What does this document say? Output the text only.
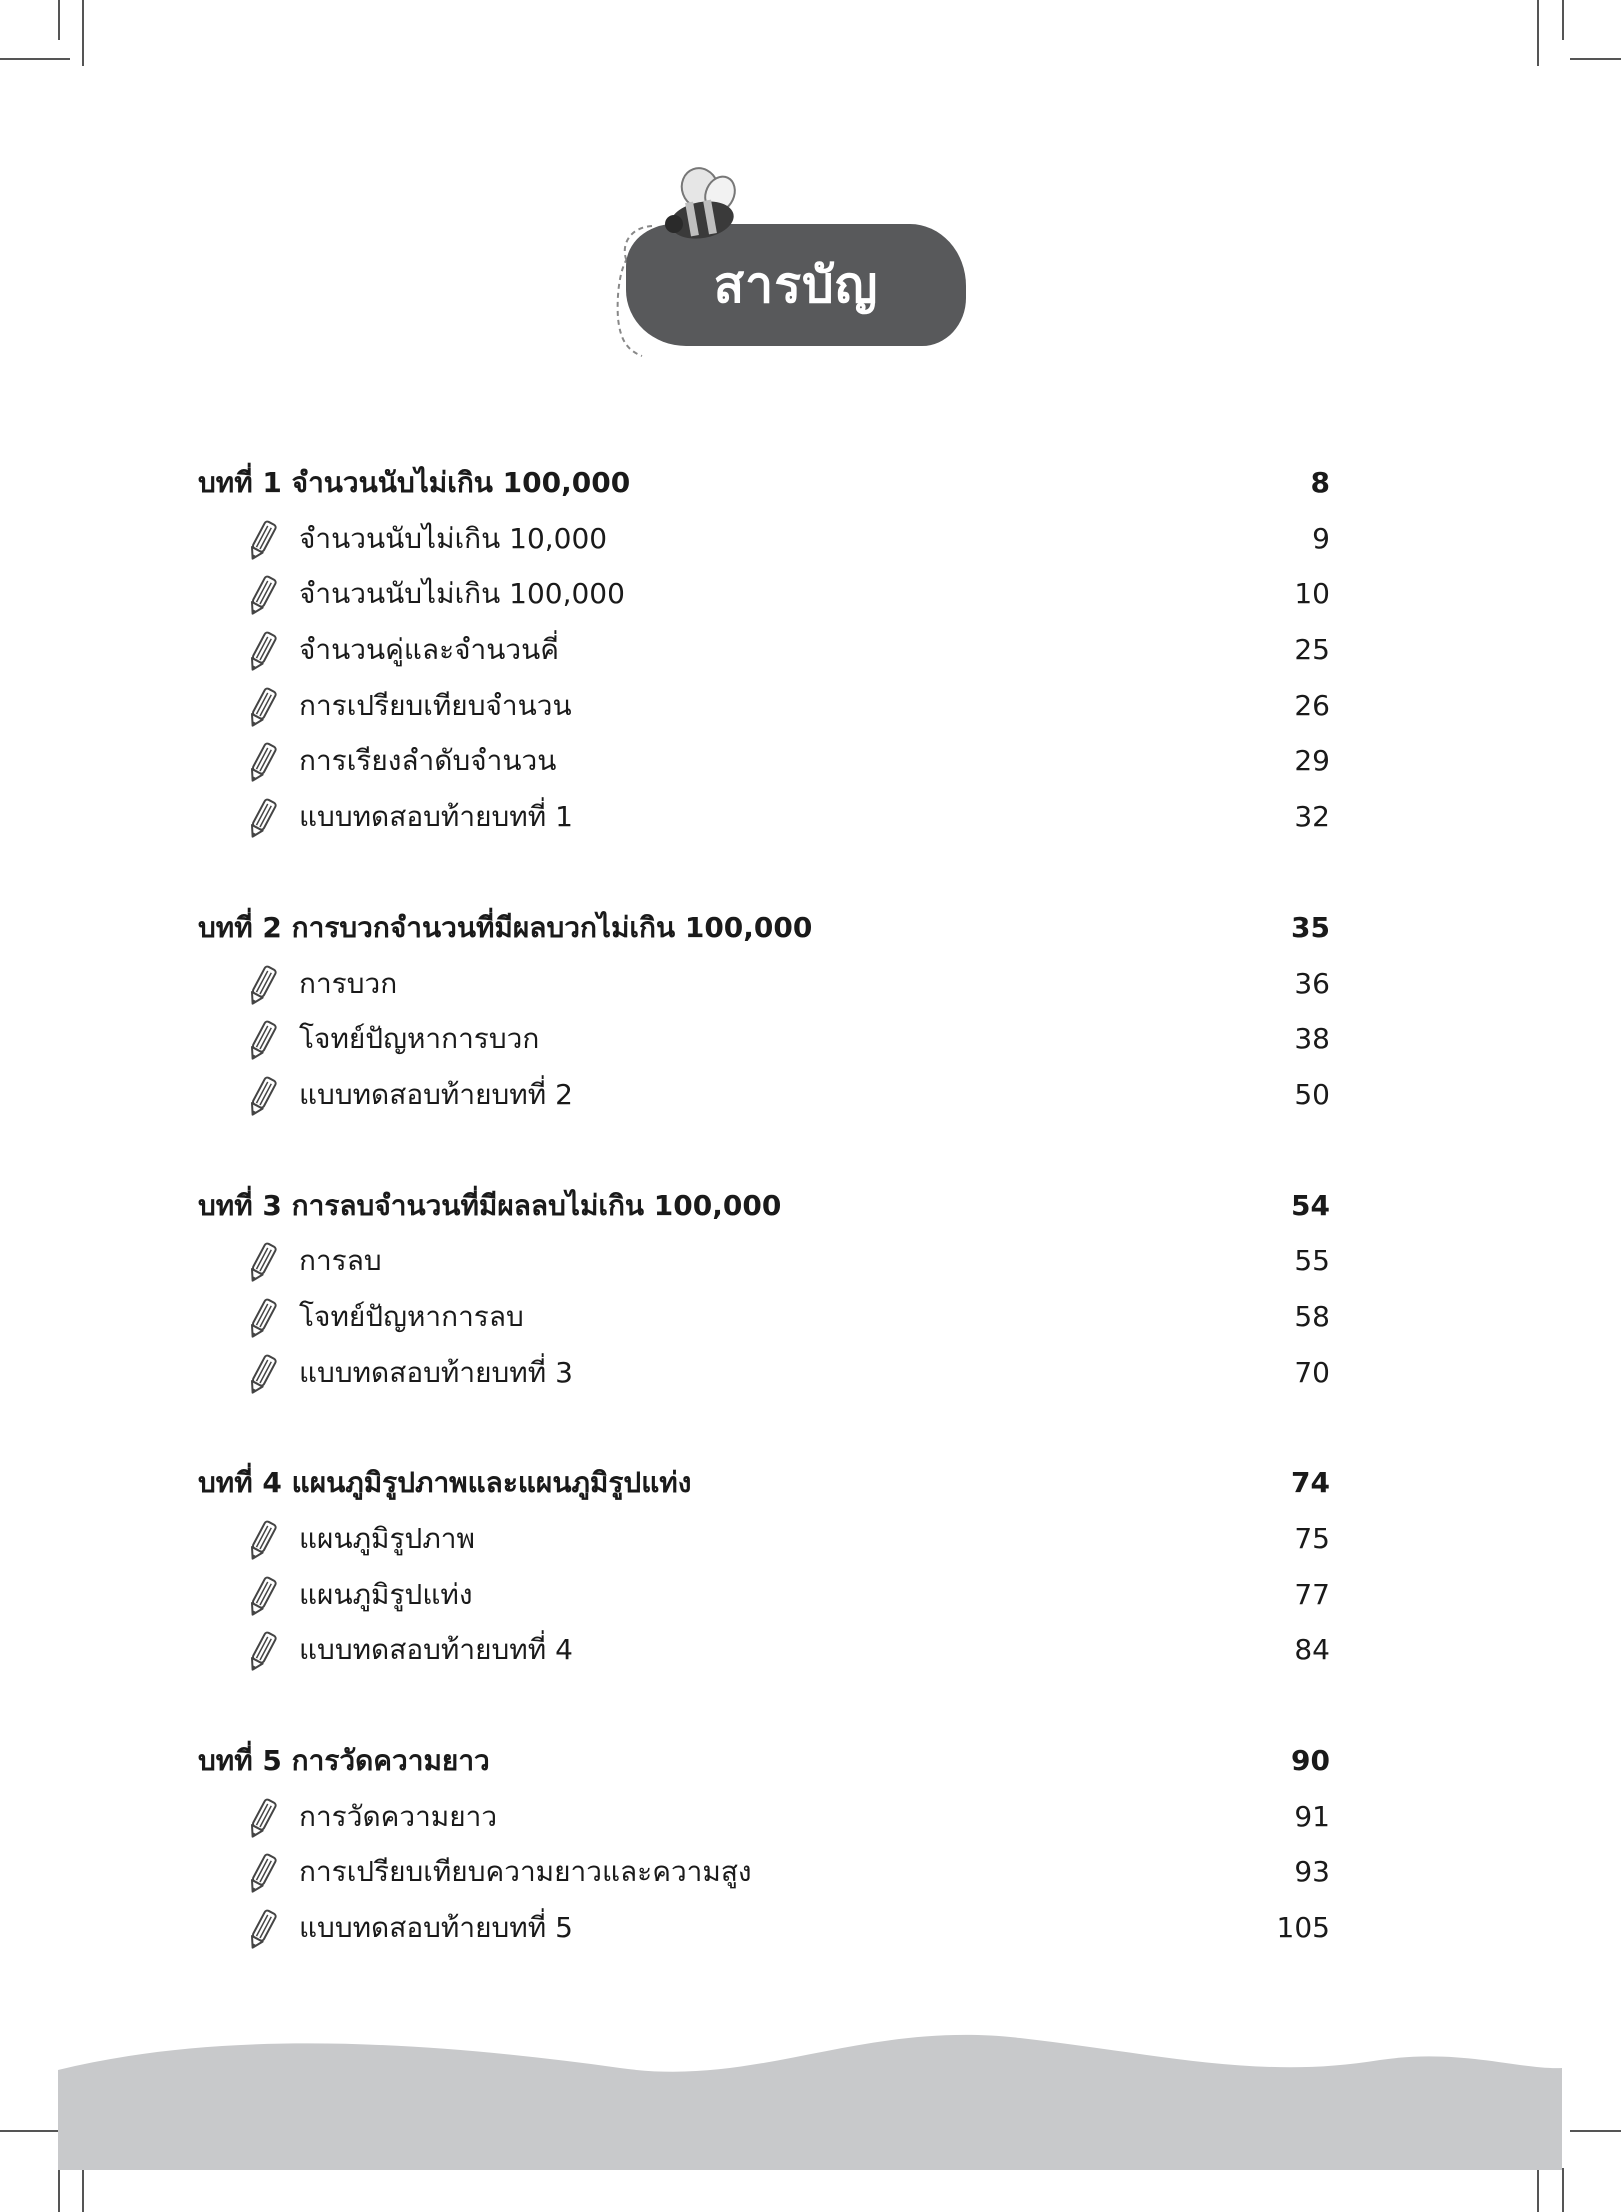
สารบัญ
บทที่ 1 จำนวนนับไม่เกิน 100,000	8
จำนวนนับไม่เกิน 10,000	9
จำนวนนับไม่เกิน 100,000	10
จำนวนคู่และจำนวนคี่	25
การเปรียบเทียบจำนวน	26
การเรียงลำดับจำนวน	29
แบบทดสอบท้ายบทที่ 1	32
บทที่ 2 การบวกจำนวนที่มีผลบวกไม่เกิน 100,000	35
การบวก	36
โจทย์ปัญหาการบวก	38
แบบทดสอบท้ายบทที่ 2	50
บทที่ 3 การลบจำนวนที่มีผลลบไม่เกิน 100,000	54
การลบ	55
โจทย์ปัญหาการลบ	58
แบบทดสอบท้ายบทที่ 3	70
บทที่ 4 แผนภูมิรูปภาพและแผนภูมิรูปแท่ง	74
แผนภูมิรูปภาพ	75
แผนภูมิรูปแท่ง	77
แบบทดสอบท้ายบทที่ 4	84
บทที่ 5 การวัดความยาว	90
การวัดความยาว	91
การเปรียบเทียบความยาวและความสูง	93
แบบทดสอบท้ายบทที่ 5	105
